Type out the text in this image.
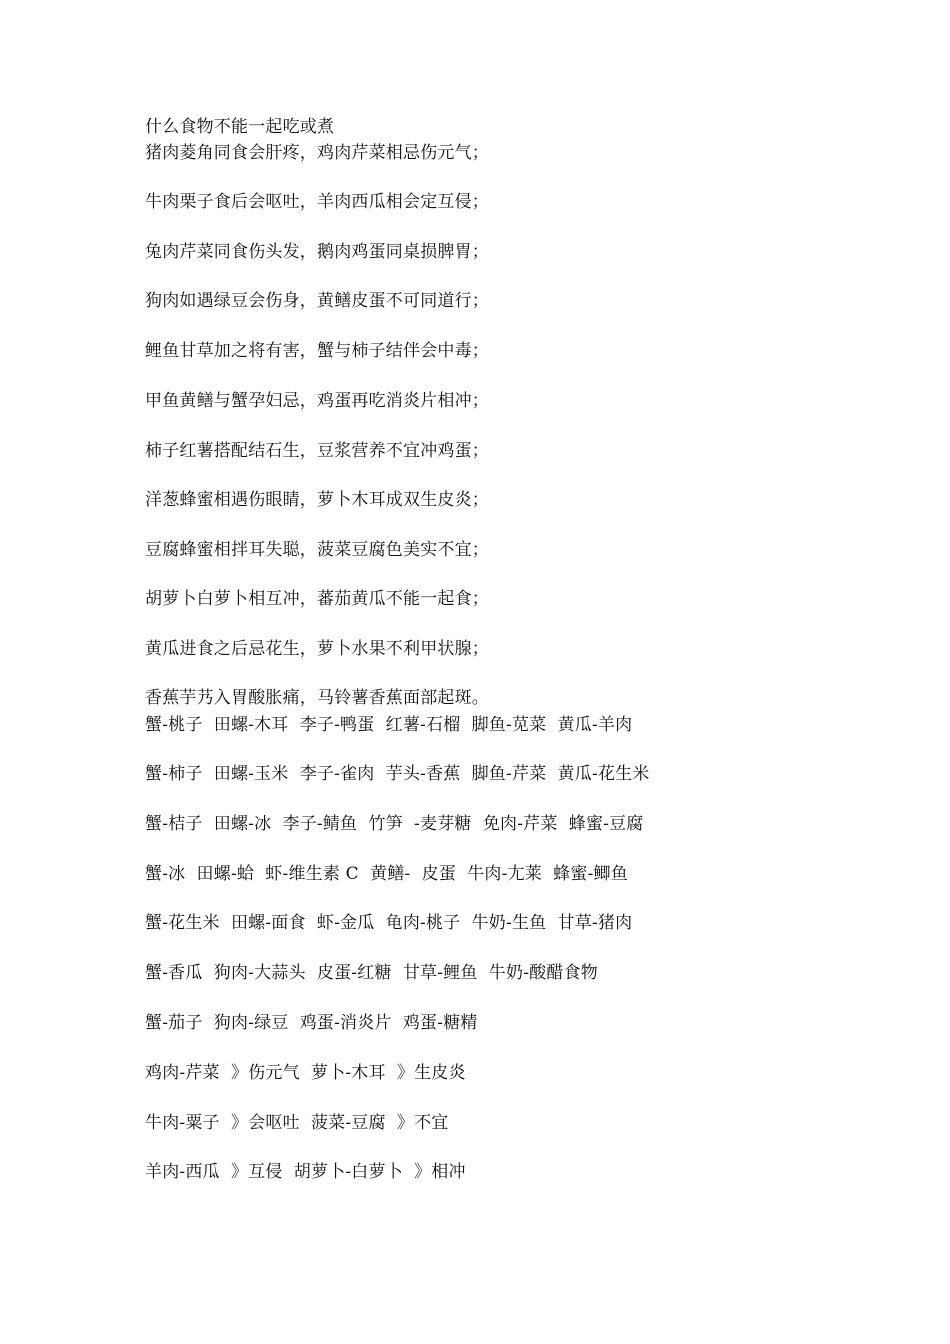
什么食物不能一起吃或煮
猪肉菱角同食会肝疼，鸡肉芹菜相忌伤元气；
牛肉栗子食后会呕吐，羊肉西瓜相会定互侵；
兔肉芹菜同食伤头发，鹅肉鸡蛋同桌损脾胃；
狗肉如遇绿豆会伤身，黄鳝皮蛋不可同道行；
鲤鱼甘草加之将有害，蟹与柿子结伴会中毒；
甲鱼黄鳝与蟹孕妇忌，鸡蛋再吃消炎片相冲；
柿子红薯搭配结石生，豆浆营养不宜冲鸡蛋；
洋葱蜂蜜相遇伤眼睛，萝卜木耳成双生皮炎；
豆腐蜂蜜相拌耳失聪，菠菜豆腐色美实不宜；
胡萝卜白萝卜相互冲，蕃茄黄瓜不能一起食；
黄瓜进食之后忌花生，萝卜水果不利甲状腺；
香蕉芋艿入胃酸胀痛，马铃薯香蕉面部起斑。
蟹-桃子  田螺-木耳  李子-鸭蛋  红薯-石榴  脚鱼-苋菜  黄瓜-羊肉
蟹-柿子  田螺-玉米  李子-雀肉  芋头-香蕉  脚鱼-芹菜  黄瓜-花生米
蟹-桔子  田螺-冰  李子-鲭鱼  竹笋  -麦芽糖  免肉-芹菜  蜂蜜-豆腐
蟹-冰  田螺-蛤  虾-维生素 C  黄鳝-  皮蛋  牛肉-尢莱  蜂蜜-鲫鱼
蟹-花生米  田螺-面食  虾-金瓜  龟肉-桃子  牛奶-生鱼  甘草-猪肉
蟹-香瓜  狗肉-大蒜头  皮蛋-红糖  甘草-鲤鱼  牛奶-酸醋食物
蟹-茄子  狗肉-绿豆  鸡蛋-消炎片  鸡蛋-糖精
鸡肉-芹菜  》伤元气  萝卜-木耳  》生皮炎
牛肉-粟子  》会呕吐  菠菜-豆腐  》不宜
羊肉-西瓜  》互侵  胡萝卜-白萝卜  》相冲
